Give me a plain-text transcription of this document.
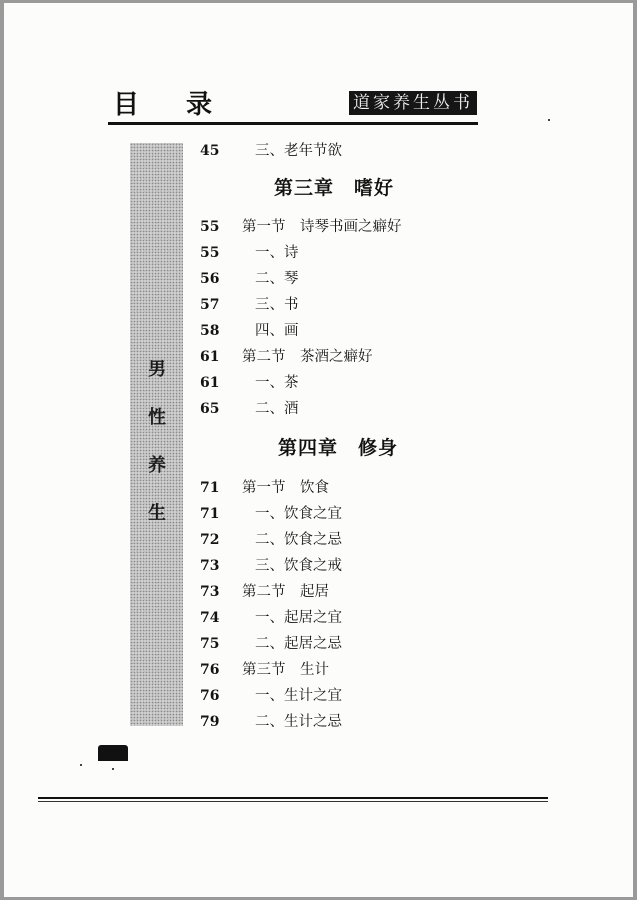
目 录	道家养生丛书
男
性
养
生
45 三、老年节欲
第三章　嗜好
55 第一节　诗琴书画之癖好
55 一、诗
56 二、琴
57 三、书
58 四、画
61 第二节　茶酒之癖好
61 一、茶
65 二、酒
第四章　修身
71 第一节　饮食
71 一、饮食之宜
72 二、饮食之忌
73 三、饮食之戒
73 第二节　起居
74 一、起居之宜
75 二、起居之忌
76 第三节　生计
76 一、生计之宜
79 二、生计之忌
